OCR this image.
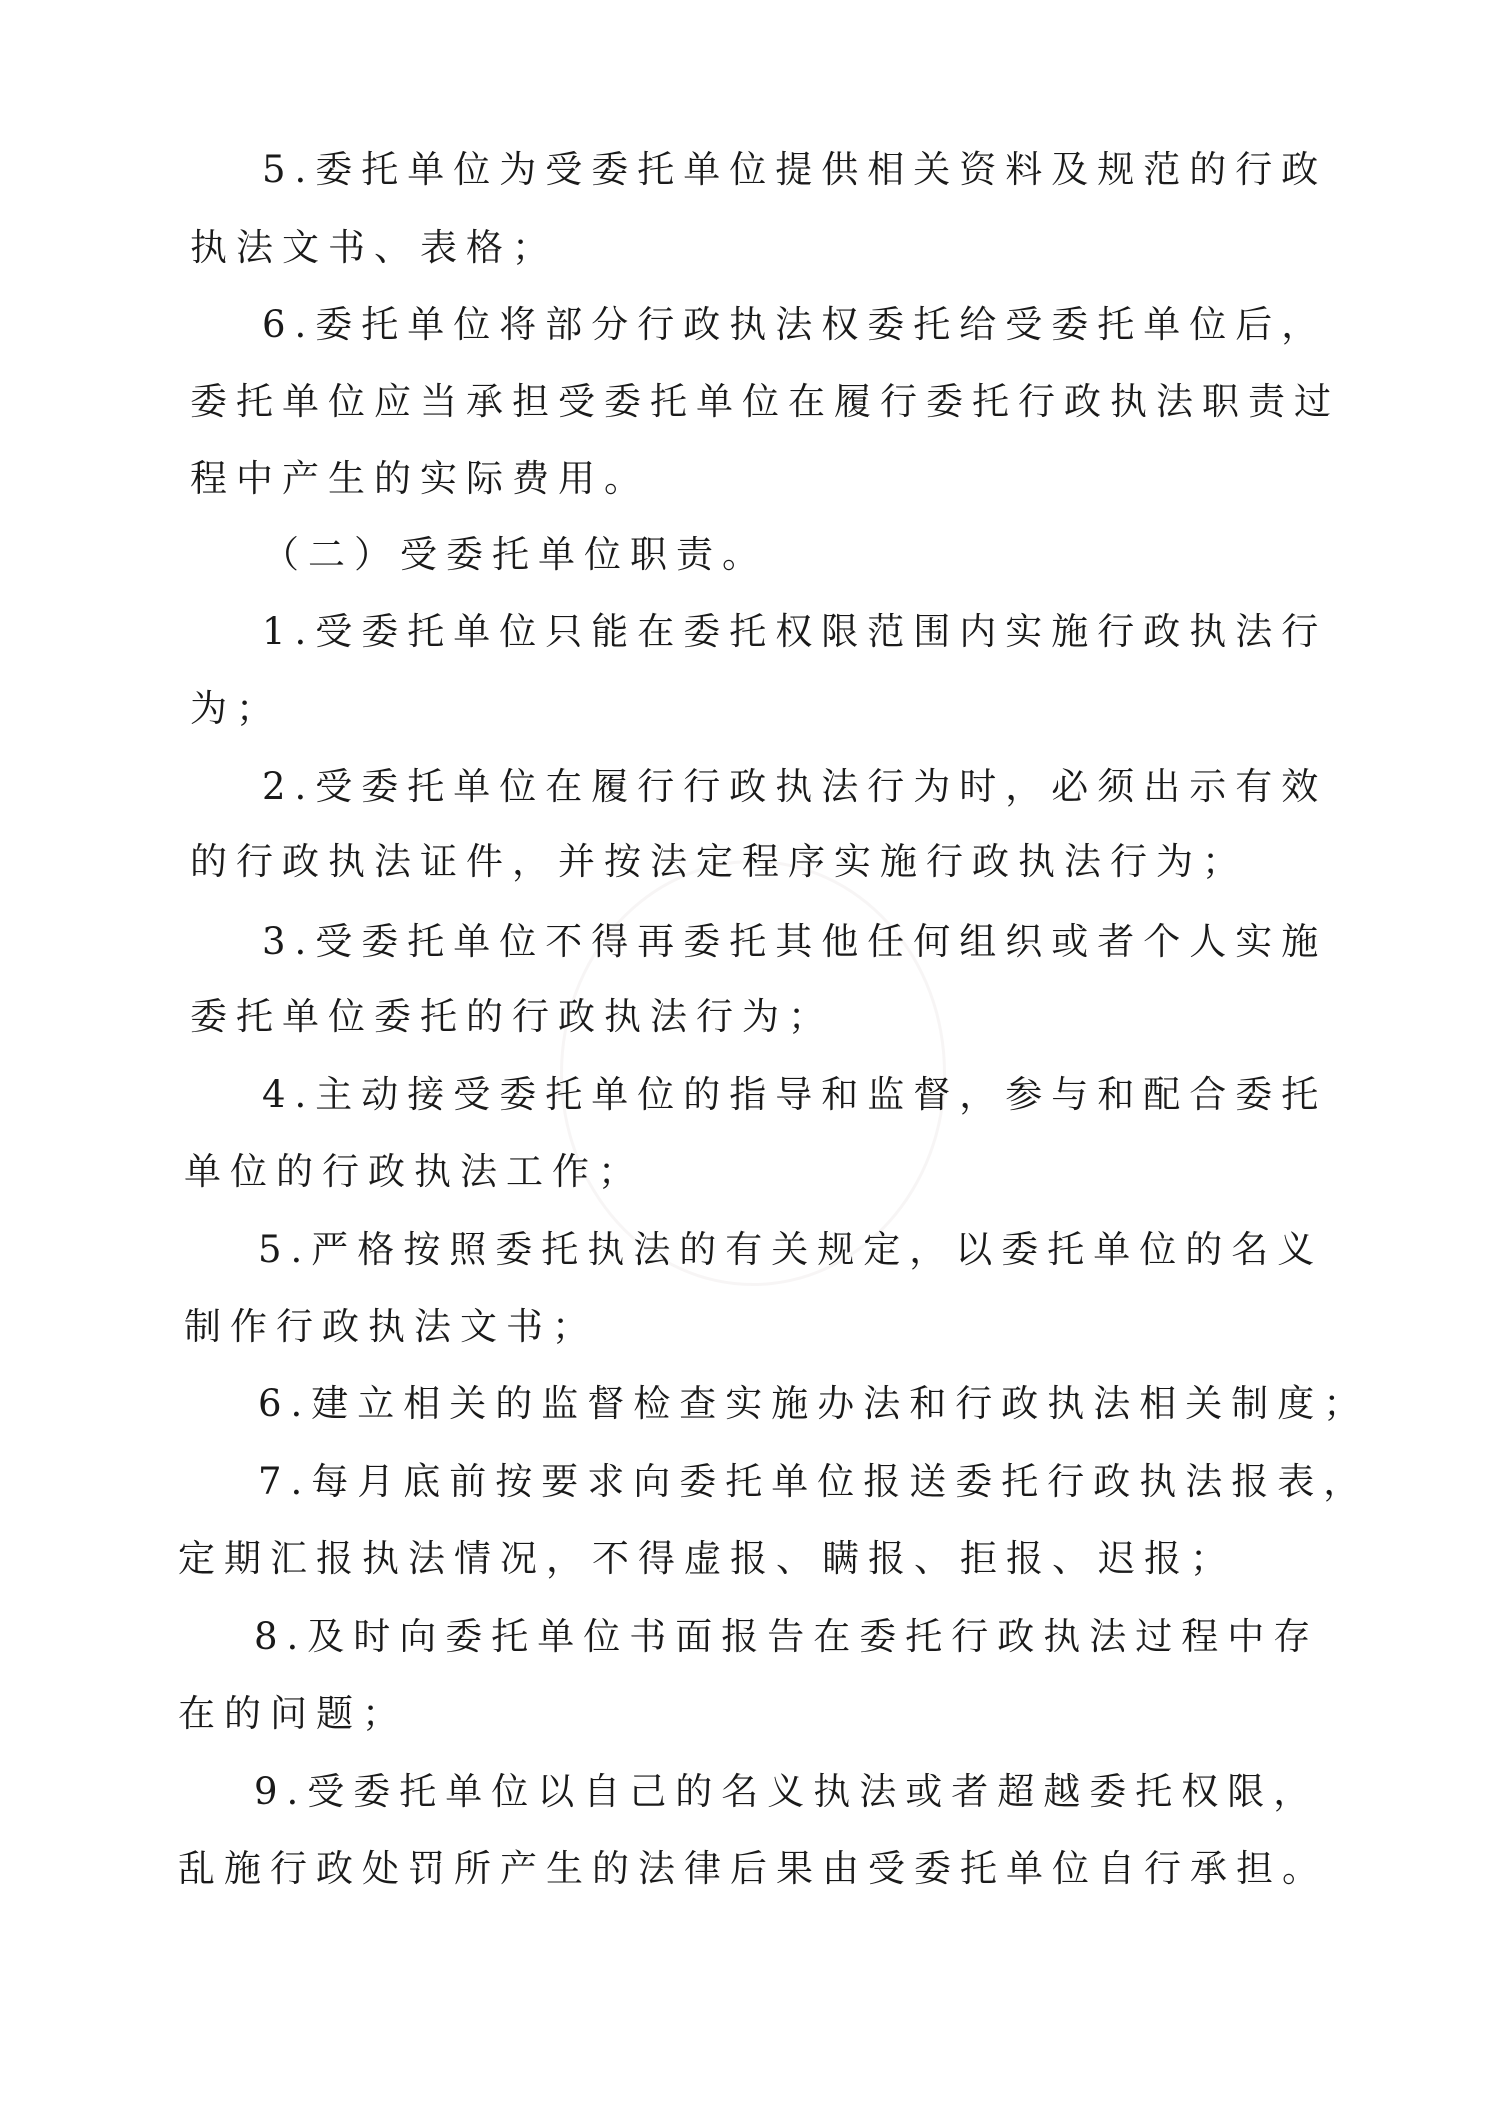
5.委托单位为受委托单位提供相关资料及规范的行政
执法文书、表格；
6.委托单位将部分行政执法权委托给受委托单位后，
委托单位应当承担受委托单位在履行委托行政执法职责过
程中产生的实际费用。
（二）受委托单位职责。
1.受委托单位只能在委托权限范围内实施行政执法行
为；
2.受委托单位在履行行政执法行为时，必须出示有效
的行政执法证件，并按法定程序实施行政执法行为；
3.受委托单位不得再委托其他任何组织或者个人实施
委托单位委托的行政执法行为；
4.主动接受委托单位的指导和监督，参与和配合委托
单位的行政执法工作；
5.严格按照委托执法的有关规定，以委托单位的名义
制作行政执法文书；
6.建立相关的监督检查实施办法和行政执法相关制度；
7.每月底前按要求向委托单位报送委托行政执法报表，
定期汇报执法情况，不得虚报、瞒报、拒报、迟报；
8.及时向委托单位书面报告在委托行政执法过程中存
在的问题；
9.受委托单位以自己的名义执法或者超越委托权限，
乱施行政处罚所产生的法律后果由受委托单位自行承担。
